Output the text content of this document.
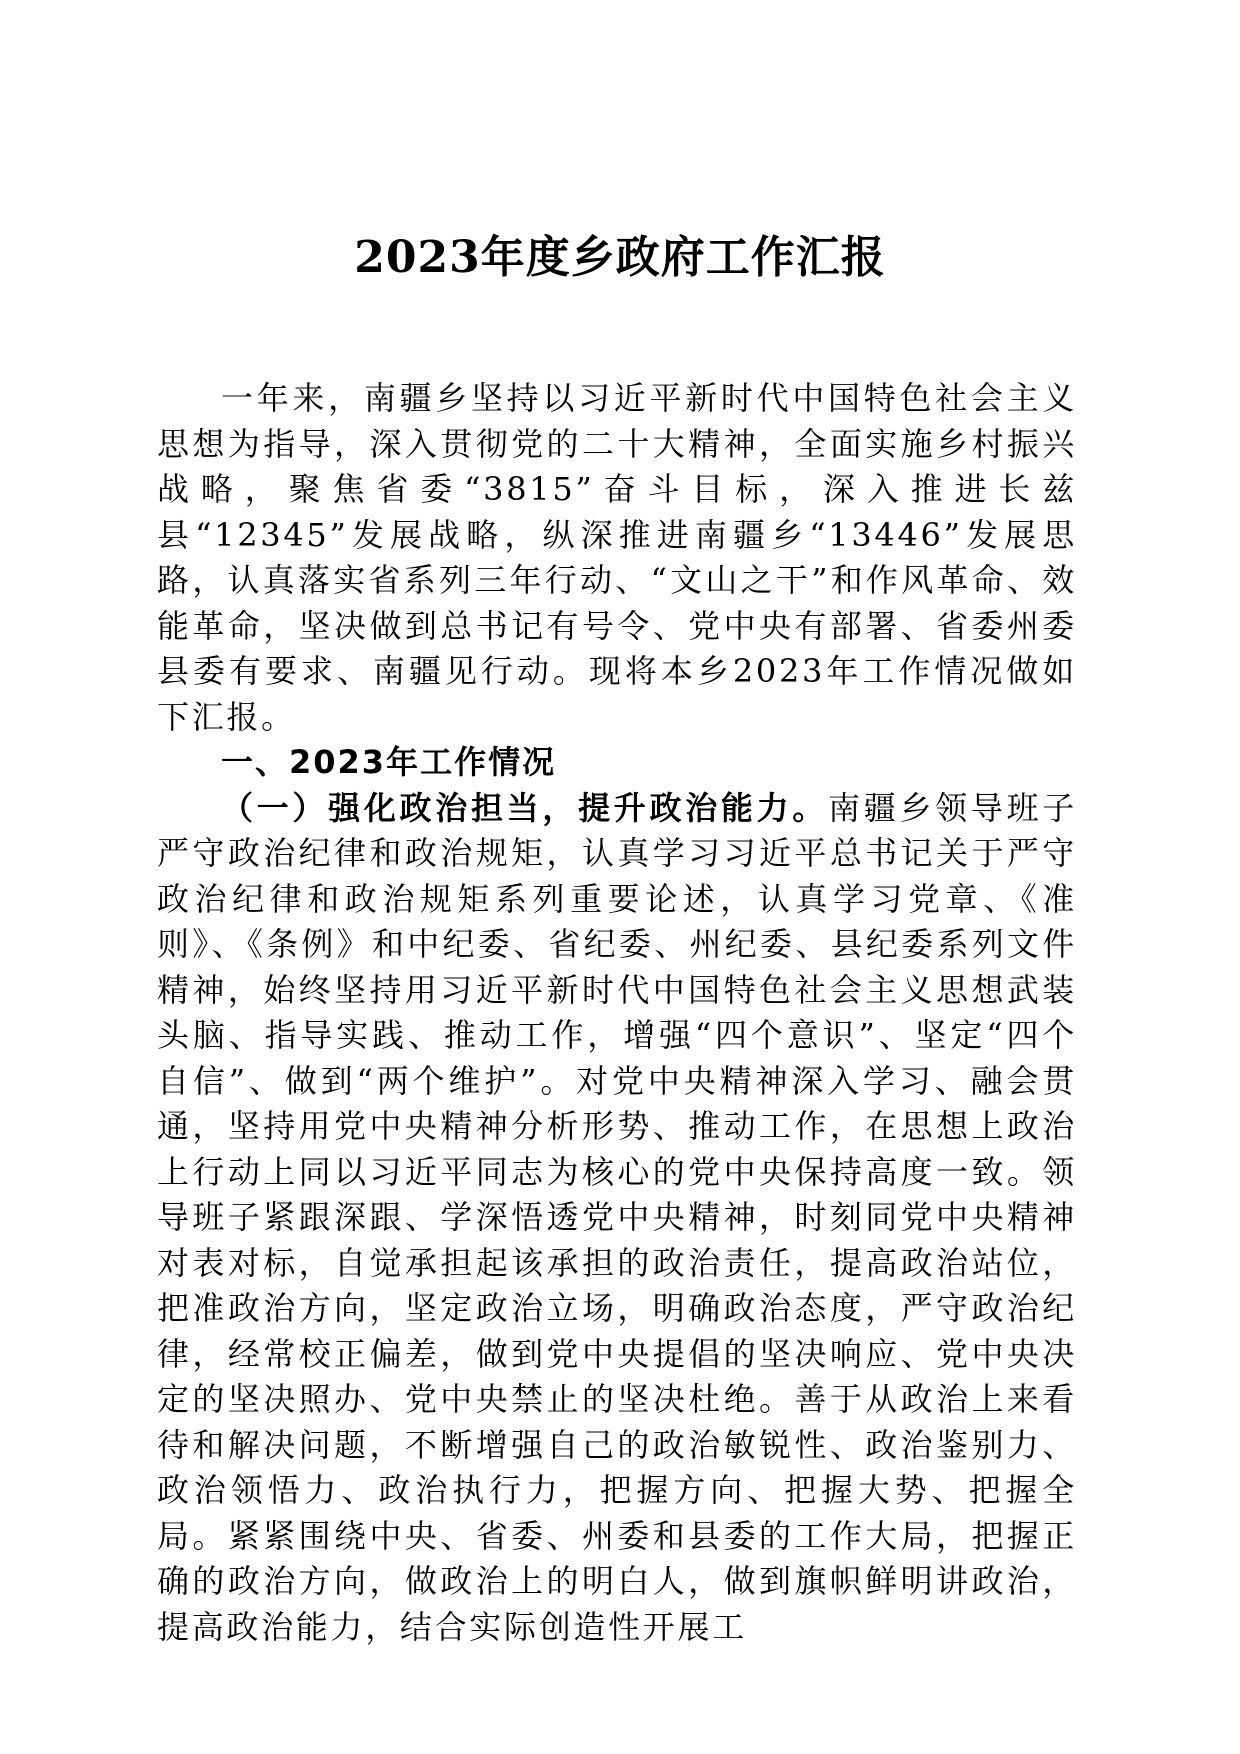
2023年度乡政府工作汇报

一年来，南疆乡坚持以习近平新时代中国特色社会主义思想为指导，深入贯彻党的二十大精神，全面实施乡村振兴战略，聚焦省委“3815”奋斗目标，深入推进长兹县“12345”发展战略，纵深推进南疆乡“13446”发展思路，认真落实省系列三年行动、“文山之干”和作风革命、效能革命，坚决做到总书记有号令、党中央有部署、省委州委县委有要求、南疆见行动。现将本乡2023年工作情况做如下汇报。

一、2023年工作情况

（一）强化政治担当，提升政治能力。南疆乡领导班子严守政治纪律和政治规矩，认真学习习近平总书记关于严守政治纪律和政治规矩系列重要论述，认真学习党章、《准则》、《条例》和中纪委、省纪委、州纪委、县纪委系列文件精神，始终坚持用习近平新时代中国特色社会主义思想武装头脑、指导实践、推动工作，增强“四个意识”、坚定“四个自信”、做到“两个维护”。对党中央精神深入学习、融会贯通，坚持用党中央精神分析形势、推动工作，在思想上政治上行动上同以习近平同志为核心的党中央保持高度一致。领导班子紧跟深跟、学深悟透党中央精神，时刻同党中央精神对表对标，自觉承担起该承担的政治责任，提高政治站位，把准政治方向，坚定政治立场，明确政治态度，严守政治纪律，经常校正偏差，做到党中央提倡的坚决响应、党中央决定的坚决照办、党中央禁止的坚决杜绝。善于从政治上来看待和解决问题，不断增强自己的政治敏锐性、政治鉴别力、政治领悟力、政治执行力，把握方向、把握大势、把握全局。紧紧围绕中央、省委、州委和县委的工作大局，把握正确的政治方向，做政治上的明白人，做到旗帜鲜明讲政治，提高政治能力，结合实际创造性开展工
